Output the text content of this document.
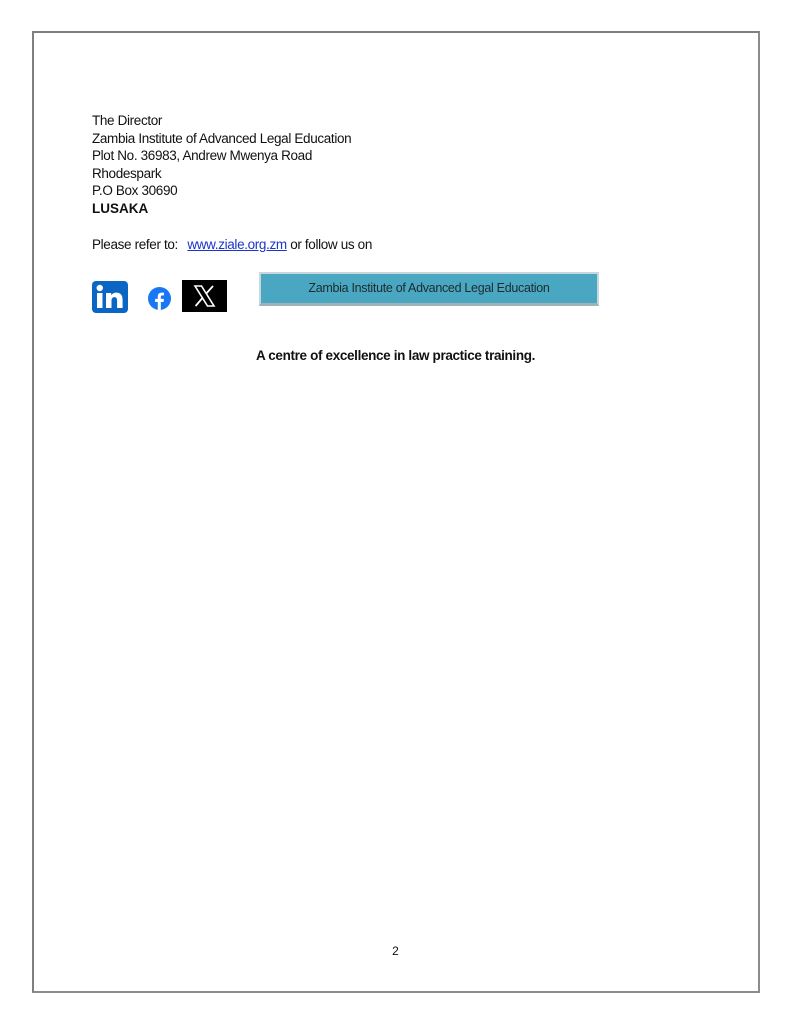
The Director
Zambia Institute of Advanced Legal Education
Plot No. 36983, Andrew Mwenya Road
Rhodespark
P.O Box 30690
LUSAKA
Please refer to: www.ziale.org.zm or follow us on
Zambia Institute of Advanced Legal Education
A centre of excellence in law practice training.
2
